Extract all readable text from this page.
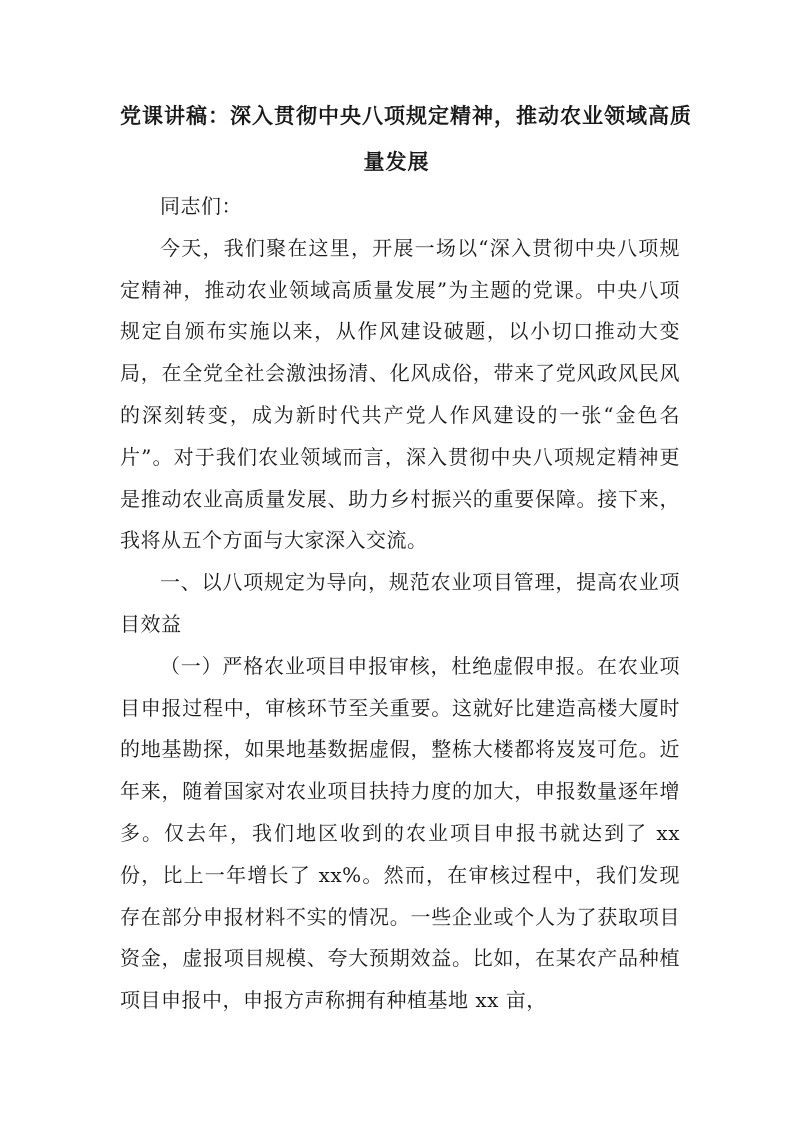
党课讲稿：深入贯彻中央八项规定精神，推动农业领域高质
量发展

同志们：

今天，我们聚在这里，开展一场以“深入贯彻中央八项规定精神，推动农业领域高质量发展”为主题的党课。中央八项规定自颁布实施以来，从作风建设破题，以小切口推动大变局，在全党全社会激浊扬清、化风成俗，带来了党风政风民风的深刻转变，成为新时代共产党人作风建设的一张“金色名片”。对于我们农业领域而言，深入贯彻中央八项规定精神更是推动农业高质量发展、助力乡村振兴的重要保障。接下来，我将从五个方面与大家深入交流。

一、以八项规定为导向，规范农业项目管理，提高农业项目效益

（一）严格农业项目申报审核，杜绝虚假申报。在农业项目申报过程中，审核环节至关重要。这就好比建造高楼大厦时的地基勘探，如果地基数据虚假，整栋大楼都将岌岌可危。近年来，随着国家对农业项目扶持力度的加大，申报数量逐年增多。仅去年，我们地区收到的农业项目申报书就达到了 xx 份，比上一年增长了 xx%。然而，在审核过程中，我们发现存在部分申报材料不实的情况。一些企业或个人为了获取项目资金，虚报项目规模、夸大预期效益。比如，在某农产品种植项目申报中，申报方声称拥有种植基地 xx 亩，
